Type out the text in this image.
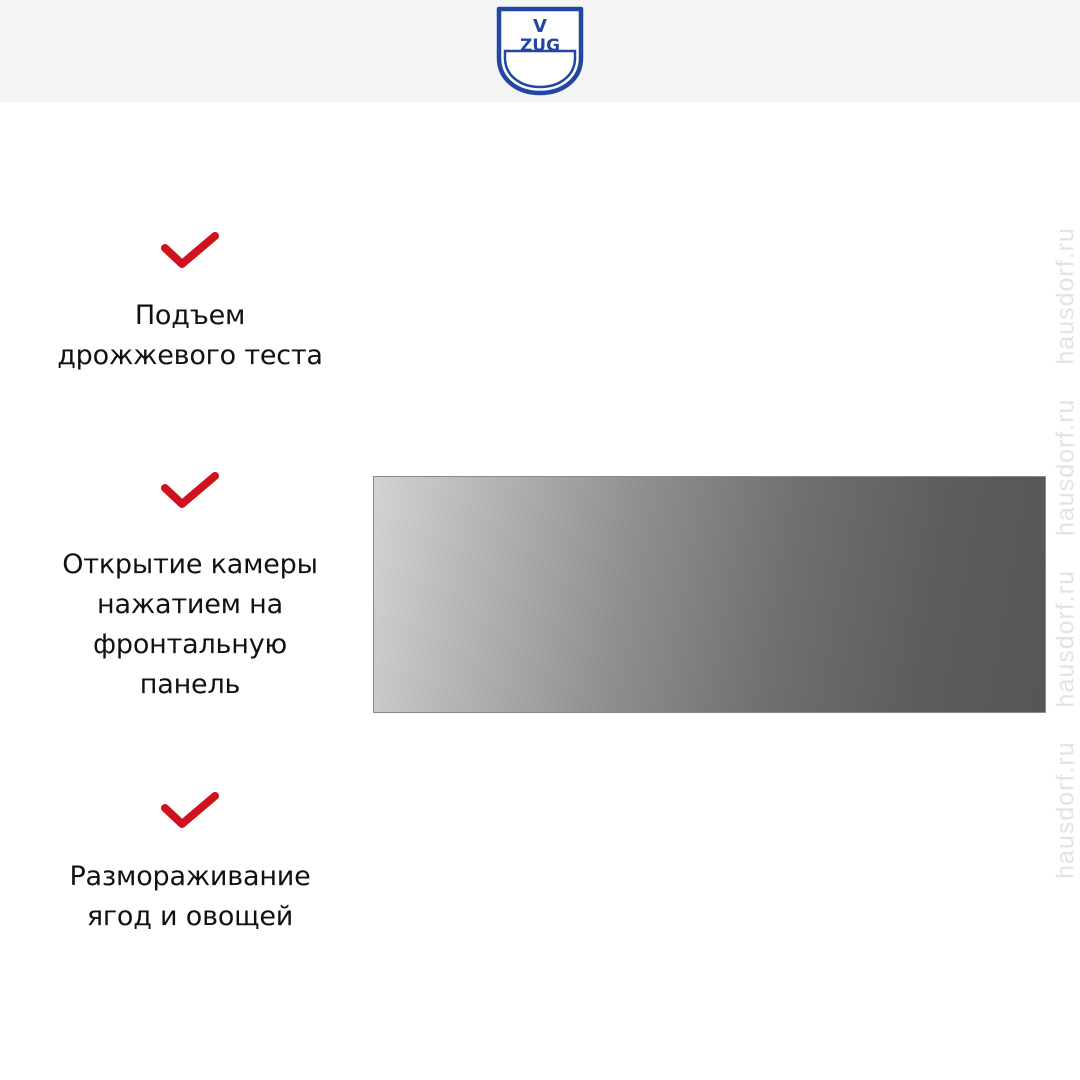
V
ZUG

Подъем
дрожжевого теста

Открытие камеры
нажатием на
фронтальную
панель

Размораживание
ягод и овощей

hausdorf.ru hausdorf.ru hausdorf.ru hausdorf.ru
